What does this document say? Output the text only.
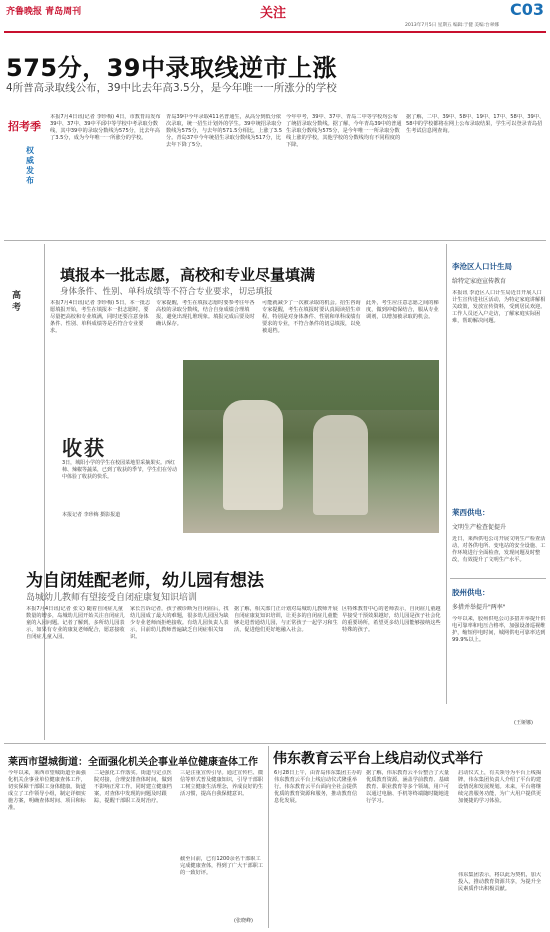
齐鲁晚报 青岛周刊	关注	C03
2013年7月5日 星期五 编辑:于健 美编:台翠娜
575分，39中录取线逆市上涨
4所普高录取线公布，39中比去年高3.5分，是今年唯一一所涨分的学校
招考季
权威发布
本报7月4日讯(记者 李珍梅) 4日，市教育局发布39中、37中、39中平邱中等学校中考录取分数线，其中39中的录取分数线为575分，比去年高了3.5分，成为今年唯一一所涨分的学校。
青岛39中今年录取411名普通生，从高分到低分依次录取，统一招生计划外的学生。39中统招录取分数线为575分，与去年的571.5分相比，上涨了3.5分。青岛37中今年统招生录取分数线为517分，比去年下降了5分。
今年中考，39中、37中、青岛二中等学校均公布了统招录取分数线。据了解，今年青岛39中的普通生录取分数线为575分，是今年唯一一所录取分数线上涨的学校，其他学校的分数线均有不同程度的下降。
据了解，二中、39中、58中、19中、17中、58中、39中、58中的学校都将在网上公布录取结果，学生可以登录青岛招生考试信息网查询。
高考
填报本一批志愿，高校和专业尽量填满
身体条件、性别、单科成绩等不符合专业要求，切忌填报
本报7月4日讯(记者 李珍梅) 5日，本一批志愿填报开始，考生在填报本一批志愿时，要尽量把高校和专业填满，同时还要注意身体条件、性别、单科成绩等是否符合专业要求。
专家提醒，考生在填报志愿时要参考往年各高校的录取分数线，结合自身成绩合理填报，避免出现扎堆现象。填报完成后要及时确认保存。
可能就减少了一次被录取的机会。招生咨询专家提醒，考生在填报时要认真阅读招生章程，特别是对身体条件、性别和单科成绩有要求的专业，不符合条件的切忌填报，以免被退档。
此外，考生应注意志愿之间的梯度，做到冲稳保结合，服从专业调剂，以增加被录取的机会。
李沧区人口计生局
给特定家庭宣传教育
本报讯 李沧区人口计生局近日开展人口计生宣传进社区活动，为特定家庭讲解相关政策，发放宣传资料，受到居民欢迎。工作人员还入户走访，了解家庭实际困难，帮助解决问题。
收获
3日，城阳小学的学生在校园菜地里采摘果实。西红柿、辣椒等蔬菜，已到了收获的季节，学生们在劳动中体验了收获的快乐。
本报记者 李珍梅 摄影报道
为自闭娃配老师，幼儿园有想法
岛城幼儿教师有望接受自闭症康复知识培训
本报7月4日讯(记者 张文) 随着自闭症儿童数量的增多，岛城幼儿园开始关注自闭症儿童的入园问题。记者了解到，多所幼儿园表示，如果有专业的康复老师配合，愿意接收自闭症儿童入园。
家长告诉记者，孩子被诊断为自闭症后，找幼儿园成了最大的难题，很多幼儿园因为缺少专业老师而拒绝接收。有幼儿园负责人表示，目前幼儿教师普遍缺乏自闭症相关知识。
据了解，相关部门正计划对岛城幼儿教师开展自闭症康复知识培训，让更多的自闭症儿童能够走进普通幼儿园，与正常孩子一起学习和生活，促进他们更好地融入社会。
区特殊教育中心的老师表示，自闭症儿童越早接受干预效果越好，幼儿园是孩子社会化的重要场所，希望更多幼儿园能够接纳这些特殊的孩子。
莱西供电：
文明生产检查促提升
近日，莱西供电公司开展文明生产检查活动，对各供电所、变电站的安全设施、工作环境进行全面检查，发现问题及时整改，有效提升了文明生产水平。
胶州供电：
多措并举提升"两率"
今年以来，胶州供电公司多措并举提升供电可靠率和电压合格率，加强设备巡视维护，缩短停电时间，城网供电可靠率达到99.9%以上。
(王娅娜)
莱西市望城街道：全面强化机关企事业单位健康查体工作
今年以来，莱西市望城街道全面强化机关企事业单位健康查体工作，切实保障干部职工身体健康。街道成立了工作领导小组，制定详细实施方案，明确查体时间、项目和标准。
二是强化工作落实。街道与定点医院对接，合理安排查体时间，做到不影响正常工作。同时建立健康档案，对查体中发现的问题及时跟踪，提醒干部职工及时治疗。
三是注重宣传引导。通过宣传栏、微信等形式普及健康知识，引导干部职工树立健康生活理念，养成良好的生活习惯，提高自我保健意识。
截至目前，已有1200余名干部职工完成健康查体，得到了广大干部职工的一致好评。
(张晓峰)
伟东教育云平台上线启动仪式举行
6月28日上午，由青岛伟东集团主办的伟东教育云平台上线启动仪式隆重举行。伟东教育云平台面向全社会提供优质的教育资源和服务，推动教育信息化发展。
据了解，伟东教育云平台整合了大量优质教育资源，涵盖学前教育、基础教育、职业教育等多个领域，用户可以通过电脑、手机等终端随时随地进行学习。
启动仪式上，有关领导为平台上线揭牌，伟东集团负责人介绍了平台的建设情况和发展规划。未来，平台将继续完善服务功能，为广大用户提供更加便捷的学习体验。
伟东集团表示，将以此为契机，加大投入，推动教育资源共享，为提升全民素质作出积极贡献。
